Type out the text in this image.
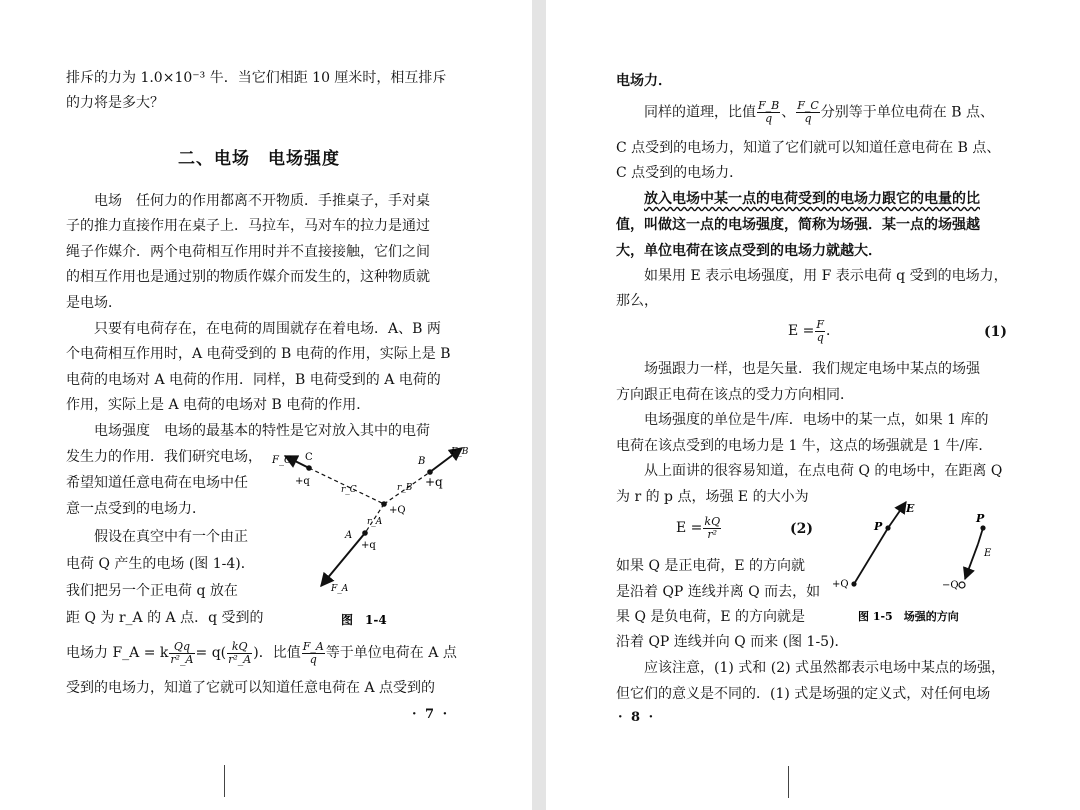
排斥的力为 1.0×10⁻³ 牛．当它们相距 10 厘米时，相互排斥
的力将是多大？
二、电场　电场强度
电场　任何力的作用都离不开物质．手推桌子，手对桌
子的推力直接作用在桌子上．马拉车，马对车的拉力是通过
绳子作媒介．两个电荷相互作用时并不直接接触，它们之间
的相互作用也是通过别的物质作媒介而发生的，这种物质就
是电场．
只要有电荷存在，在电荷的周围就存在着电场．A、B 两
个电荷相互作用时，A 电荷受到的 B 电荷的作用，实际上是 B
电荷的电场对 A 电荷的作用．同样，B 电荷受到的 A 电荷的
作用，实际上是 A 电荷的电场对 B 电荷的作用．
电场强度　电场的最基本的特性是它对放入其中的电荷
发生力的作用．我们研究电场，
希望知道任意电荷在电场中任
意一点受到的电场力．
假设在真空中有一个由正
电荷 Q 产生的电场 (图 1-4)．
我们把另一个正电荷 q 放在
距 Q 为 r_A 的 A 点．q 受到的
电场力 F_A = k $\frac{Qq}{\text{r²\_A}} = q( \frac{kQ}{\text{r²\_A}}$ )．比值 $\frac{F\_A}{q}$ 等于单位电荷在 A 点
受到的电场力，知道了它就可以知道任意电荷在 A 点受到的
· 7 ·
F_C C
+q
r_C
B
F_B
+q
r_B
+Q
r_A
A
+q
F_A
图　1-4
电场力．
同样的道理，比值 $\frac{F\_B}{q}$ 、 $\frac{F\_C}{q}$ 分别等于单位电荷在 B 点、
C 点受到的电场力，知道了它们就可以知道任意电荷在 B 点、
C 点受到的电场力．
放入电场中某一点的电荷受到的电场力跟它的电量的比
值，叫做这一点的电场强度，简称为场强．某一点的场强越
大，单位电荷在该点受到的电场力就越大．
如果用 E 表示电场强度，用 F 表示电荷 q 受到的电场力，
那么，
$E = \frac{F}{q}$ ．	(1)
场强跟力一样，也是矢量．我们规定电场中某点的场强
方向跟正电荷在该点的受力方向相同．
电场强度的单位是牛/库．电场中的某一点，如果 1 库的
电荷在该点受到的电场力是 1 牛，这点的场强就是 1 牛/库．
从上面讲的很容易知道，在点电荷 Q 的电场中，在距离 Q
为 r 的 p 点，场强 E 的大小为
$E = \frac{kQ}{\text{r²}}$	(2)
如果 Q 是正电荷，E 的方向就
是沿着 QP 连线并离 Q 而去，如
果 Q 是负电荷，E 的方向就是
沿着 QP 连线并向 Q 而来 (图 1-5)．
应该注意，(1) 式和 (2) 式虽然都表示电场中某点的场强，
但它们的意义是不同的．(1) 式是场强的定义式，对任何电场
· 8 ·
P
E
+Q
P
E
−Q
图 1-5　场强的方向
